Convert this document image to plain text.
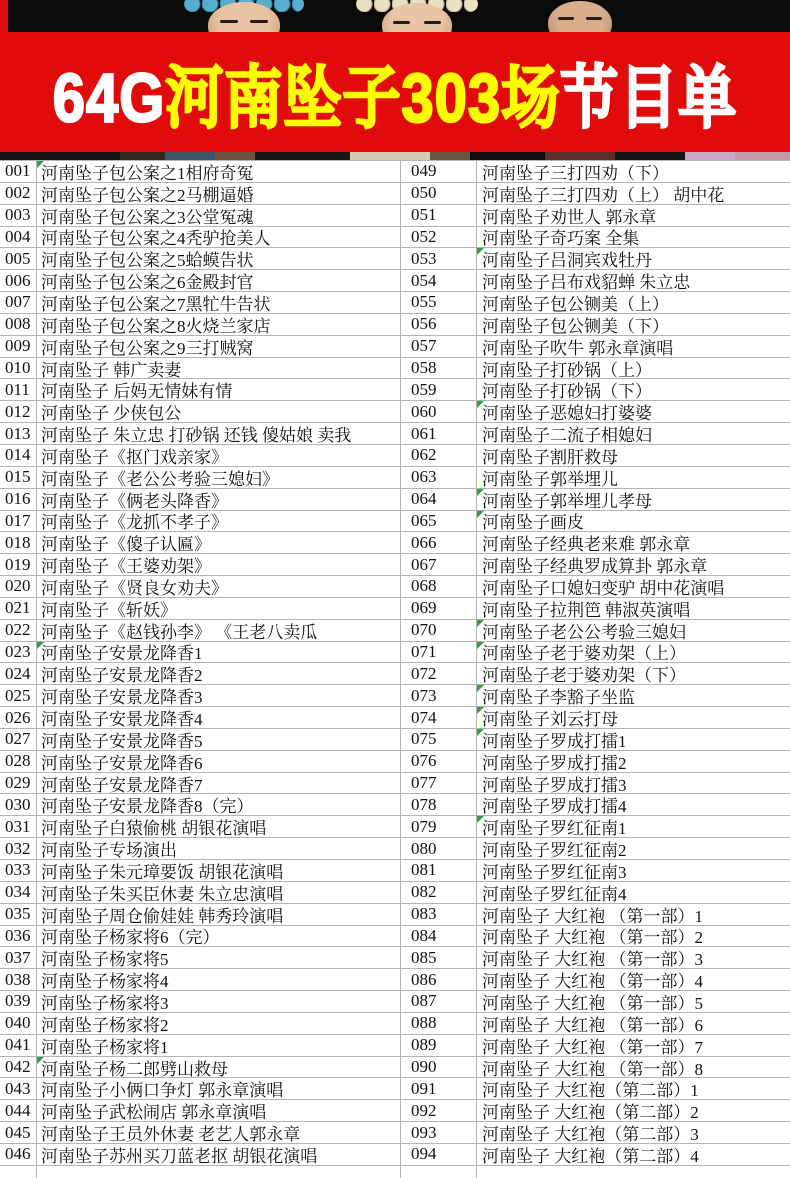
64G河南坠子303场节目单
001 河南坠子包公案之1相府奇冤	049	河南坠子三打四劝（下）
002 河南坠子包公案之2马棚逼婚	050	河南坠子三打四劝（上） 胡中花
003 河南坠子包公案之3公堂冤魂	051	河南坠子劝世人 郭永章
004 河南坠子包公案之4秃驴抢美人	052	河南坠子奇巧案 全集
005 河南坠子包公案之5蛤蟆告状	053	河南坠子吕洞宾戏牡丹
006 河南坠子包公案之6金殿封官	054	河南坠子吕布戏貂蝉 朱立忠
007 河南坠子包公案之7黑牤牛告状	055	河南坠子包公铡美（上）
008 河南坠子包公案之8火烧兰家店	056	河南坠子包公铡美（下）
009 河南坠子包公案之9三打贼窝	057	河南坠子吹牛 郭永章演唱
010 河南坠子 韩广卖妻	058	河南坠子打砂锅（上）
011 河南坠子 后妈无情妹有情	059	河南坠子打砂锅（下）
012 河南坠子 少侠包公	060	河南坠子恶媳妇打婆婆
013 河南坠子 朱立忠 打砂锅 还钱 傻姑娘 卖我	061	河南坠子二流子相媳妇
014 河南坠子《抠门戏亲家》	062	河南坠子割肝救母
015 河南坠子《老公公考验三媳妇》	063	河南坠子郭举埋儿
016 河南坠子《俩老头降香》	064	河南坠子郭举埋儿孝母
017 河南坠子《龙抓不孝子》	065	河南坠子画皮
018 河南坠子《傻子认匾》	066	河南坠子经典老来难 郭永章
019 河南坠子《王婆劝架》	067	河南坠子经典罗成算卦 郭永章
020 河南坠子《贤良女劝夫》	068	河南坠子口媳妇变驴 胡中花演唱
021 河南坠子《斩妖》	069	河南坠子拉荆笆 韩淑英演唱
022 河南坠子《赵钱孙李》 《王老八卖瓜	070	河南坠子老公公考验三媳妇
023 河南坠子安景龙降香1	071	河南坠子老于婆劝架（上）
024 河南坠子安景龙降香2	072	河南坠子老于婆劝架（下）
025 河南坠子安景龙降香3	073	河南坠子李豁子坐监
026 河南坠子安景龙降香4	074	河南坠子刘云打母
027 河南坠子安景龙降香5	075	河南坠子罗成打擂1
028 河南坠子安景龙降香6	076	河南坠子罗成打擂2
029 河南坠子安景龙降香7	077	河南坠子罗成打擂3
030 河南坠子安景龙降香8（完）	078	河南坠子罗成打擂4
031 河南坠子白猿偷桃 胡银花演唱	079	河南坠子罗红征南1
032 河南坠子专场演出	080	河南坠子罗红征南2
033 河南坠子朱元璋要饭 胡银花演唱	081	河南坠子罗红征南3
034 河南坠子朱买臣休妻 朱立忠演唱	082	河南坠子罗红征南4
035 河南坠子周仓偷娃娃 韩秀玲演唱	083	河南坠子 大红袍 （第一部）1
036 河南坠子杨家将6（完）	084	河南坠子 大红袍 （第一部）2
037 河南坠子杨家将5	085	河南坠子 大红袍 （第一部）3
038 河南坠子杨家将4	086	河南坠子 大红袍 （第一部）4
039 河南坠子杨家将3	087	河南坠子 大红袍 （第一部）5
040 河南坠子杨家将2	088	河南坠子 大红袍 （第一部）6
041 河南坠子杨家将1	089	河南坠子 大红袍 （第一部）7
042 河南坠子杨二郎劈山救母	090	河南坠子 大红袍 （第一部）8
043 河南坠子小俩口争灯 郭永章演唱	091	河南坠子 大红袍（第二部）1
044 河南坠子武松闹店 郭永章演唱	092	河南坠子 大红袍（第二部）2
045 河南坠子王员外休妻 老艺人郭永章	093	河南坠子 大红袍（第二部）3
046 河南坠子苏州买刀蓝老抠 胡银花演唱	094	河南坠子 大红袍（第二部）4
